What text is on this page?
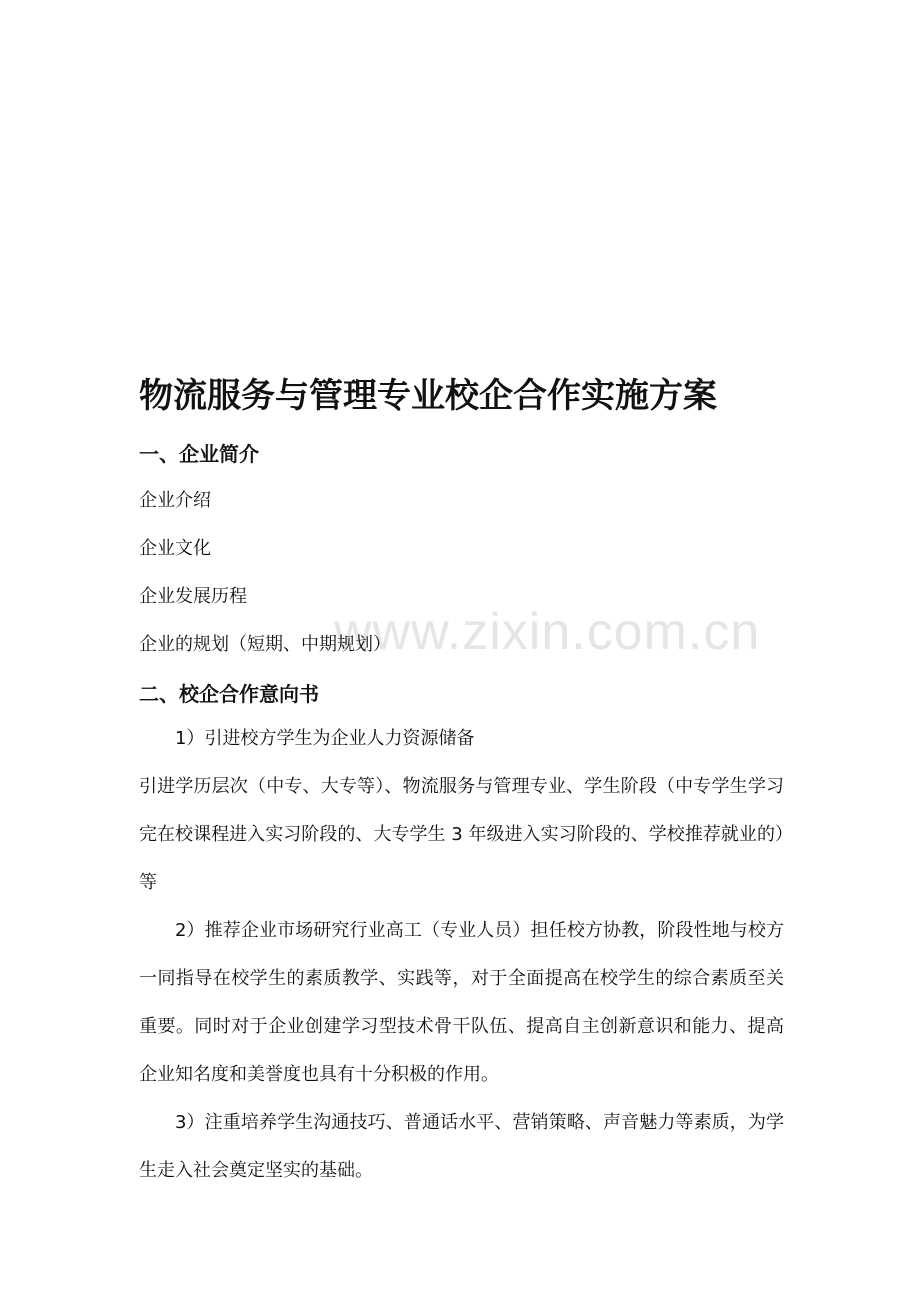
www.zixin.com.cn
物流服务与管理专业校企合作实施方案
一、企业简介
企业介绍
企业文化
企业发展历程
企业的规划（短期、中期规划）
二、校企合作意向书
1）引进校方学生为企业人力资源储备
引进学历层次（中专、大专等）、物流服务与管理专业、学生阶段（中专学生学习完在校课程进入实习阶段的、大专学生 3 年级进入实习阶段的、学校推荐就业的）等
2）推荐企业市场研究行业高工（专业人员）担任校方协教，阶段性地与校方一同指导在校学生的素质教学、实践等，对于全面提高在校学生的综合素质至关重要。同时对于企业创建学习型技术骨干队伍、提高自主创新意识和能力、提高企业知名度和美誉度也具有十分积极的作用。
3）注重培养学生沟通技巧、普通话水平、营销策略、声音魅力等素质，为学生走入社会奠定坚实的基础。
